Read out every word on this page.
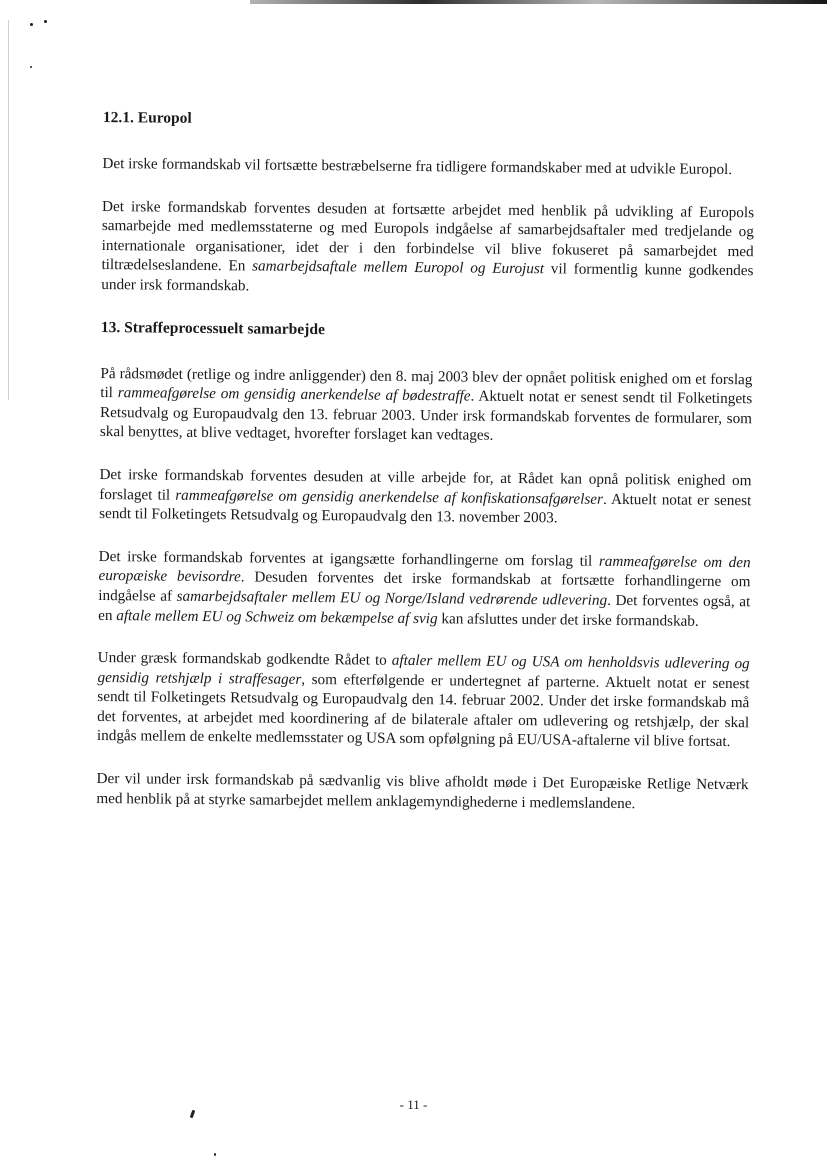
12.1. Europol

Det irske formandskab vil fortsætte bestræbelserne fra tidligere formandskaber med at udvikle Europol.

Det irske formandskab forventes desuden at fortsætte arbejdet med henblik på udvikling af Europols samarbejde med medlemsstaterne og med Europols indgåelse af samarbejdsaftaler med tredjelande og internationale organisationer, idet der i den forbindelse vil blive fokuseret på samarbejdet med tiltrædelseslandene. En samarbejdsaftale mellem Europol og Eurojust vil formentlig kunne godkendes under irsk formandskab.

13. Straffeprocessuelt samarbejde

På rådsmødet (retlige og indre anliggender) den 8. maj 2003 blev der opnået politisk enighed om et forslag til rammeafgørelse om gensidig anerkendelse af bødestraffe. Aktuelt notat er senest sendt til Folketingets Retsudvalg og Europaudvalg den 13. februar 2003. Under irsk formandskab forventes de formularer, som skal benyttes, at blive vedtaget, hvorefter forslaget kan vedtages.

Det irske formandskab forventes desuden at ville arbejde for, at Rådet kan opnå politisk enighed om forslaget til rammeafgørelse om gensidig anerkendelse af konfiskationsafgørelser. Aktuelt notat er senest sendt til Folketingets Retsudvalg og Europaudvalg den 13. november 2003.

Det irske formandskab forventes at igangsætte forhandlingerne om forslag til rammeafgørelse om den europæiske bevisordre. Desuden forventes det irske formandskab at fortsætte forhandlingerne om indgåelse af samarbejdsaftaler mellem EU og Norge/Island vedrørende udlevering. Det forventes også, at en aftale mellem EU og Schweiz om bekæmpelse af svig kan afsluttes under det irske formandskab.

Under græsk formandskab godkendte Rådet to aftaler mellem EU og USA om henholdsvis udlevering og gensidig retshjælp i straffesager, som efterfølgende er undertegnet af parterne. Aktuelt notat er senest sendt til Folketingets Retsudvalg og Europaudvalg den 14. februar 2002. Under det irske formandskab må det forventes, at arbejdet med koordinering af de bilaterale aftaler om udlevering og retshjælp, der skal indgås mellem de enkelte medlemsstater og USA som opfølgning på EU/USA-aftalerne vil blive fortsat.

Der vil under irsk formandskab på sædvanlig vis blive afholdt møde i Det Europæiske Retlige Netværk med henblik på at styrke samarbejdet mellem anklagemyndighederne i medlemslandene.

- 11 -
